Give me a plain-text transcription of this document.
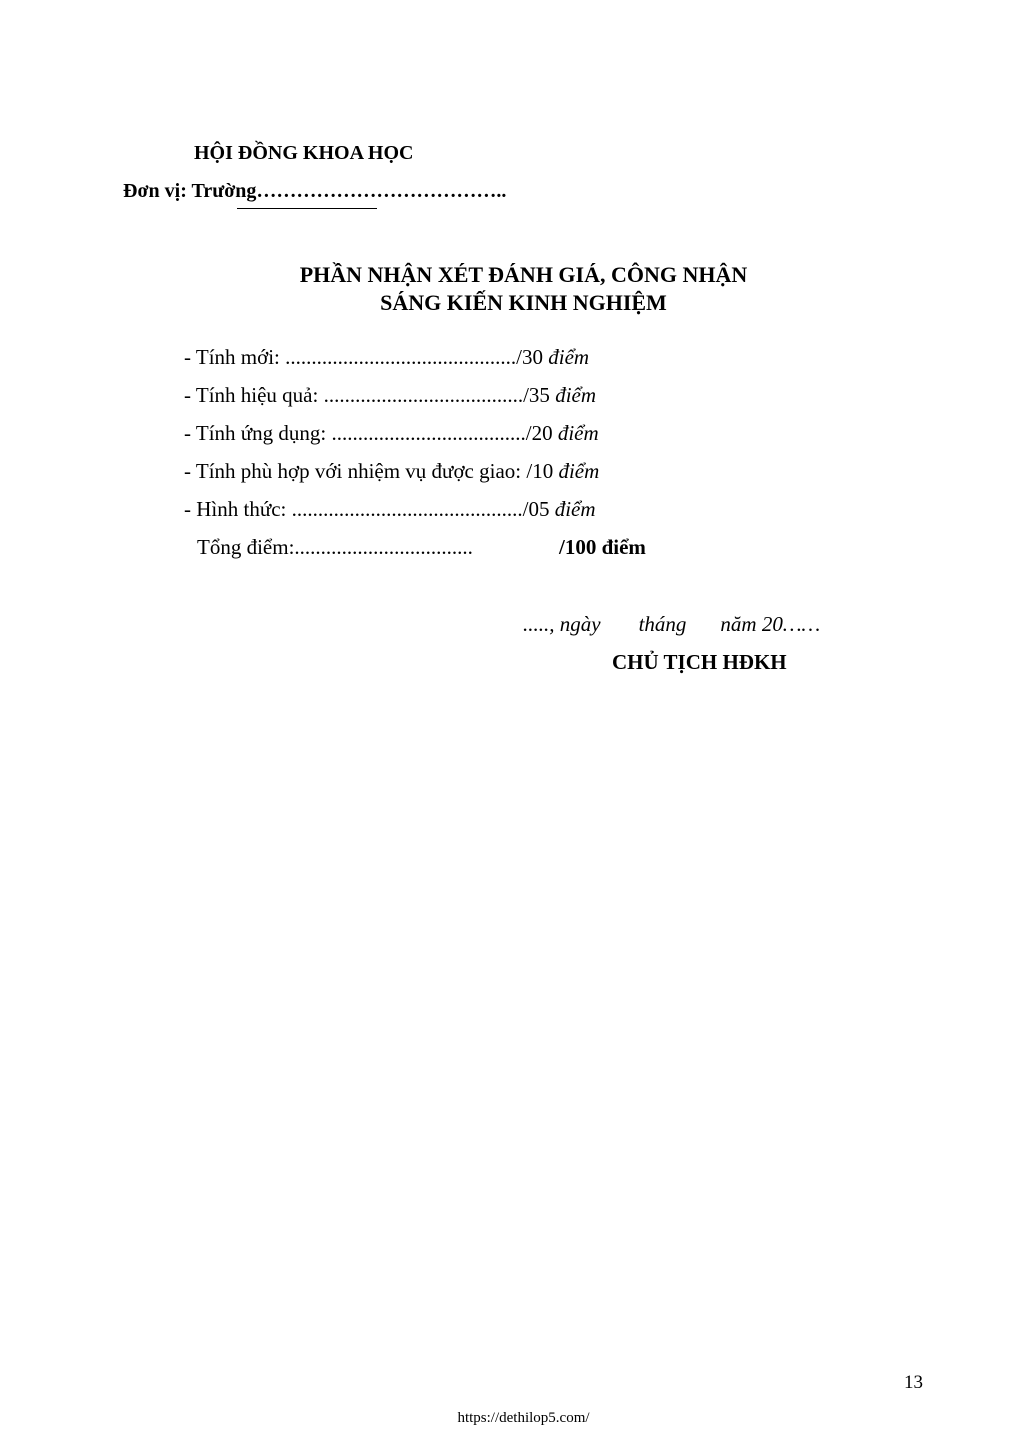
HỘI ĐỒNG KHOA HỌC
Đơn vị: Trường………………………………..
PHẦN NHẬN XÉT ĐÁNH GIÁ, CÔNG NHẬN
SÁNG KIẾN KINH NGHIỆM
- Tính mới: ............................................/30 điểm
- Tính hiệu quả: ....................................../35 điểm
- Tính ứng dụng: ...................................../20 điểm
- Tính phù hợp với nhiệm vụ được giao: /10 điểm
- Hình thức: ............................................/05 điểm
Tổng điểm:..................................	/100 điểm
....., ngày tháng năm 20……
CHỦ TỊCH HĐKH
13
https://dethilop5.com/
